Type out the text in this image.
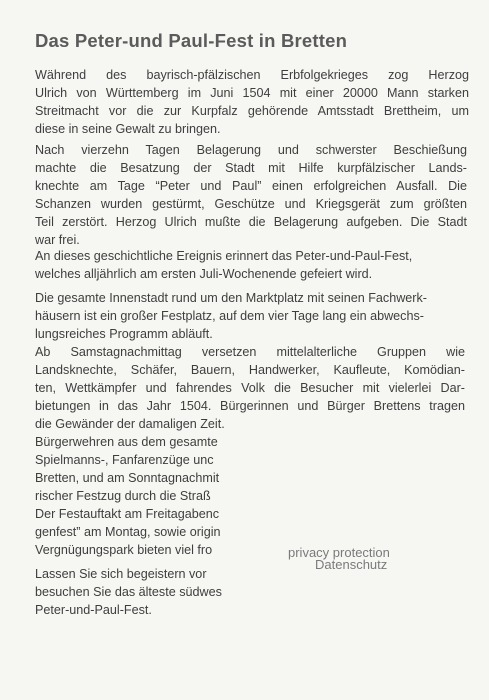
Das Peter-und Paul-Fest in Bretten
Während des bayrisch-pfälzischen Erbfolgekrieges zog Herzog
Ulrich von Württemberg im Juni 1504 mit einer 20000 Mann starken
Streitmacht vor die zur Kurpfalz gehörende Amtsstadt Brettheim, um
diese in seine Gewalt zu bringen.
Nach vierzehn Tagen Belagerung und schwerster Beschießung
machte die Besatzung der Stadt mit Hilfe kurpfälzischer Lands-
knechte am Tage “Peter und Paul” einen erfolgreichen Ausfall. Die
Schanzen wurden gestürmt, Geschütze und Kriegsgerät zum größten
Teil zerstört. Herzog Ulrich mußte die Belagerung aufgeben. Die Stadt
war frei.
An dieses geschichtliche Ereignis erinnert das Peter-und-Paul-Fest,
welches alljährlich am ersten Juli-Wochenende gefeiert wird.
Die gesamte Innenstadt rund um den Marktplatz mit seinen Fachwerk-
häusern ist ein großer Festplatz, auf dem vier Tage lang ein abwechs-
lungsreiches Programm abläuft.
Ab Samstagnachmittag versetzen mittelalterliche Gruppen wie
Landsknechte, Schäfer, Bauern, Handwerker, Kaufleute, Komödian-
ten, Wettkämpfer und fahrendes Volk die Besucher mit vielerlei Dar-
bietungen in das Jahr 1504. Bürgerinnen und Bürger Brettens tragen
die Gewänder der damaligen Zeit.
Bürgerwehren aus dem gesamte
Spielmanns-, Fanfarenzüge unc
Bretten, und am Sonntagnachmit
rischer Festzug durch die Straß
Der Festauftakt am Freitagabenc
genfest” am Montag, sowie origin
Vergnügungspark bieten viel fro
Lassen Sie sich begeistern vor
besuchen Sie das älteste südwes
Peter-und-Paul-Fest.
privacy protection
Datenschutz
